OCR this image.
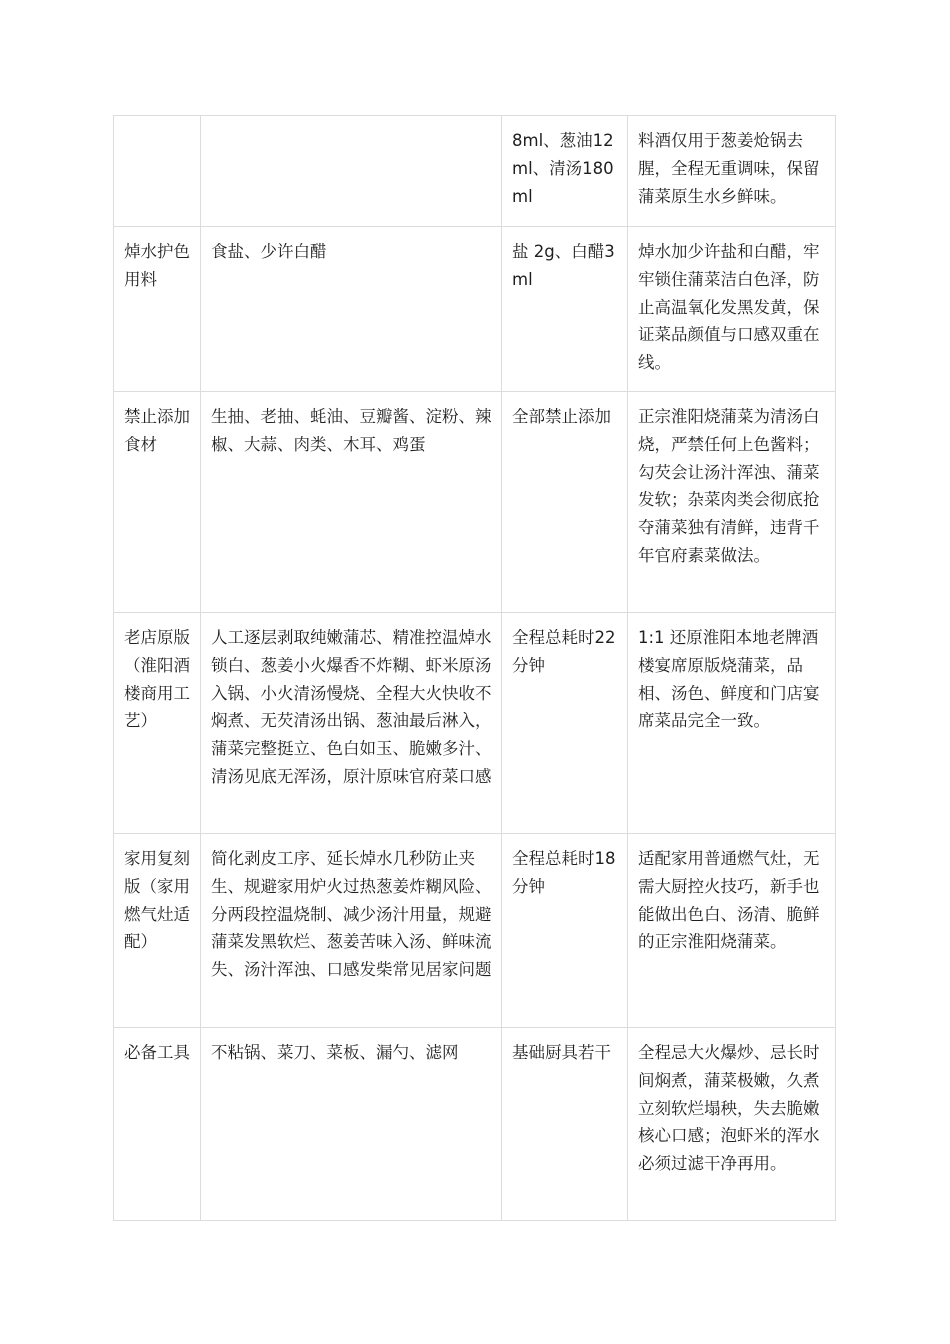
		8ml、葱油12ml、清汤180ml	料酒仅用于葱姜炝锅去腥，全程无重调味，保留蒲菜原生水乡鲜味。

焯水护色用料	食盐、少许白醋	盐 2g、白醋3ml	焯水加少许盐和白醋，牢牢锁住蒲菜洁白色泽，防止高温氧化发黑发黄，保证菜品颜值与口感双重在线。

禁止添加食材	生抽、老抽、蚝油、豆瓣酱、淀粉、辣椒、大蒜、肉类、木耳、鸡蛋	全部禁止添加	正宗淮阳烧蒲菜为清汤白烧，严禁任何上色酱料；勾芡会让汤汁浑浊、蒲菜发软；杂菜肉类会彻底抢夺蒲菜独有清鲜，违背千年官府素菜做法。

老店原版（淮阳酒楼商用工艺）	人工逐层剥取纯嫩蒲芯、精准控温焯水锁白、葱姜小火爆香不炸糊、虾米原汤入锅、小火清汤慢烧、全程大火快收不焖煮、无芡清汤出锅、葱油最后淋入，蒲菜完整挺立、色白如玉、脆嫩多汁、清汤见底无浑汤，原汁原味官府菜口感	全程总耗时22 分钟	1:1 还原淮阳本地老牌酒楼宴席原版烧蒲菜，品相、汤色、鲜度和门店宴席菜品完全一致。

家用复刻版（家用燃气灶适配）	简化剥皮工序、延长焯水几秒防止夹生、规避家用炉火过热葱姜炸糊风险、分两段控温烧制、减少汤汁用量，规避蒲菜发黑软烂、葱姜苦味入汤、鲜味流失、汤汁浑浊、口感发柴常见居家问题	全程总耗时18 分钟	适配家用普通燃气灶，无需大厨控火技巧，新手也能做出色白、汤清、脆鲜的正宗淮阳烧蒲菜。

必备工具	不粘锅、菜刀、菜板、漏勺、滤网	基础厨具若干	全程忌大火爆炒、忌长时间焖煮，蒲菜极嫩，久煮立刻软烂塌秧，失去脆嫩核心口感；泡虾米的浑水必须过滤干净再用。
